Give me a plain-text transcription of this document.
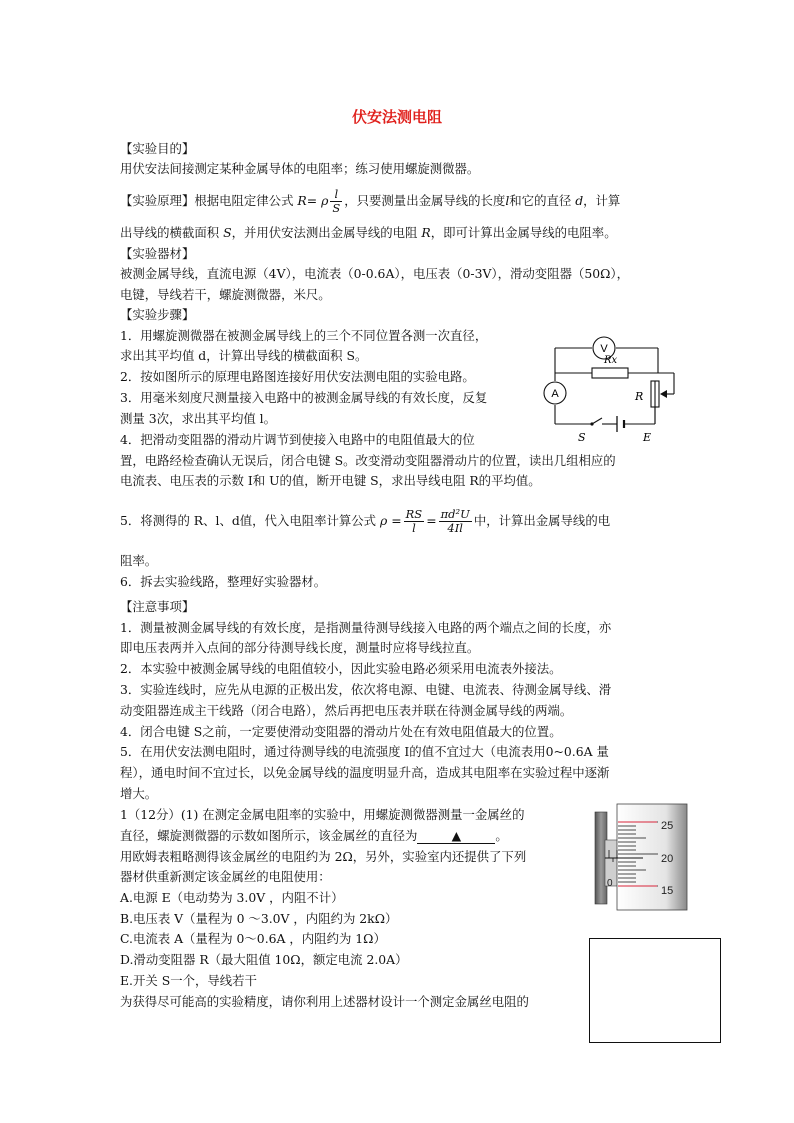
伏安法测电阻
【实验目的】
用伏安法间接测定某种金属导体的电阻率；练习使用螺旋测微器。
【实验原理】根据电阻定律公式 R= ρ $\frac{l}{S}$ ，只要测量出金属导线的长度l和它的直径 d，计算
出导线的横截面积 S，并用伏安法测出金属导线的电阻 R，即可计算出金属导线的电阻率。
【实验器材】
被测金属导线，直流电源（4V），电流表（0-0.6A），电压表（0-3V），滑动变阻器（50Ω），
电键，导线若干，螺旋测微器，米尺。
【实验步骤】
1．用螺旋测微器在被测金属导线上的三个不同位置各测一次直径，
求出其平均值 d，计算出导线的横截面积 S。
2．按如图所示的原理电路图连接好用伏安法测电阻的实验电路。
3．用毫米刻度尺测量接入电路中的被测金属导线的有效长度，反复
测量 3次，求出其平均值 l。
4．把滑动变阻器的滑动片调节到使接入电路中的电阻值最大的位
置，电路经检查确认无误后，闭合电键 S。改变滑动变阻器滑动片的位置，读出几组相应的
电流表、电压表的示数 I和 U的值，断开电键 S，求出导线电阻 R的平均值。
5．将测得的 R、l、d值，代入电阻率计算公式 $\rho = \frac{RS}{l} = \frac{\text{πd²U}}{4Il}$ 中，计算出金属导线的电
阻率。
6．拆去实验线路，整理好实验器材。
V
A
Rx
R
S	E
【注意事项】
1．测量被测金属导线的有效长度，是指测量待测导线接入电路的两个端点之间的长度，亦
即电压表两并入点间的部分待测导线长度，测量时应将导线拉直。
2．本实验中被测金属导线的电阻值较小，因此实验电路必须采用电流表外接法。
3．实验连线时，应先从电源的正极出发，依次将电源、电键、电流表、待测金属导线、滑
动变阻器连成主干线路（闭合电路），然后再把电压表并联在待测金属导线的两端。
4．闭合电键 S之前，一定要使滑动变阻器的滑动片处在有效电阻值最大的位置。
5．在用伏安法测电阻时，通过待测导线的电流强度 I的值不宜过大（电流表用0~0.6A 量
程），通电时间不宜过长，以免金属导线的温度明显升高，造成其电阻率在实验过程中逐渐
增大。
1（12分）(1) 在测定金属电阻率的实验中，用螺旋测微器测量一金属丝的
直径，螺旋测微器的示数如图所示，该金属丝的直径为	▲	。
用欧姆表粗略测得该金属丝的电阻约为 2Ω，另外，实验室内还提供了下列
器材供重新测定该金属丝的电阻使用：
A.电源 E（电动势为 3.0V ，内阻不计）
B.电压表 V（量程为 0 ～3.0V ，内阻约为 2kΩ）
C.电流表 A（量程为 0～0.6A ，内阻约为 1Ω）
D.滑动变阻器 R（最大阻值 10Ω，额定电流 2.0A）
E.开关 S一个，导线若干
为获得尽可能高的实验精度，请你利用上述器材设计一个测定金属丝电阻的
25
20
15
0
